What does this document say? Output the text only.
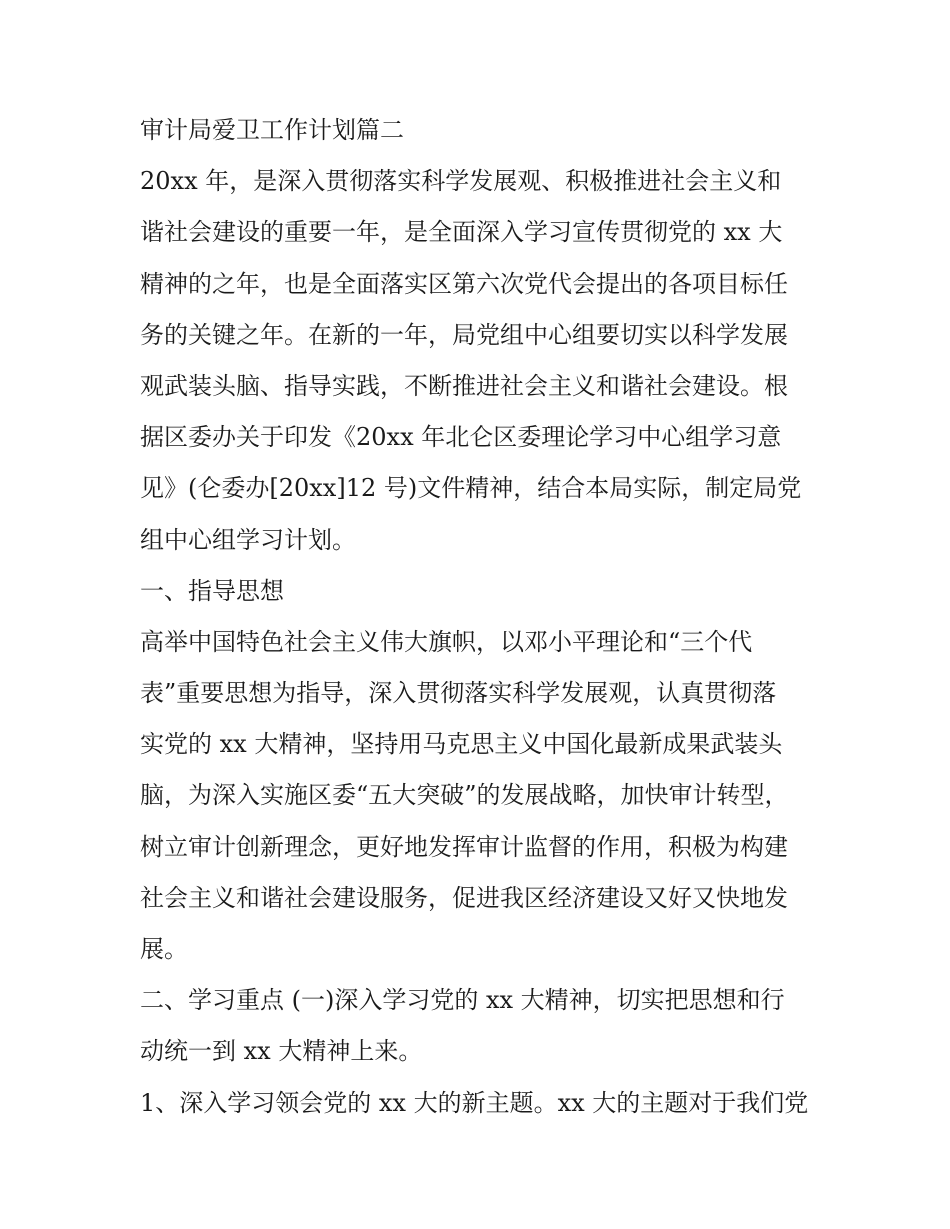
审计局爱卫工作计划篇二
20xx 年，是深入贯彻落实科学发展观、积极推进社会主义和
谐社会建设的重要一年，是全面深入学习宣传贯彻党的 xx 大
精神的之年，也是全面落实区第六次党代会提出的各项目标任
务的关键之年。在新的一年，局党组中心组要切实以科学发展
观武装头脑、指导实践，不断推进社会主义和谐社会建设。根
据区委办关于印发《20xx 年北仑区委理论学习中心组学习意
见》(仑委办[20xx]12 号)文件精神，结合本局实际，制定局党
组中心组学习计划。
一、指导思想
高举中国特色社会主义伟大旗帜，以邓小平理论和“三个代
表”重要思想为指导，深入贯彻落实科学发展观，认真贯彻落
实党的 xx 大精神，坚持用马克思主义中国化最新成果武装头
脑，为深入实施区委“五大突破”的发展战略，加快审计转型，
树立审计创新理念，更好地发挥审计监督的作用，积极为构建
社会主义和谐社会建设服务，促进我区经济建设又好又快地发
展。
二、学习重点 (一)深入学习党的 xx 大精神，切实把思想和行
动统一到 xx 大精神上来。
1、深入学习领会党的 xx 大的新主题。xx 大的主题对于我们党
